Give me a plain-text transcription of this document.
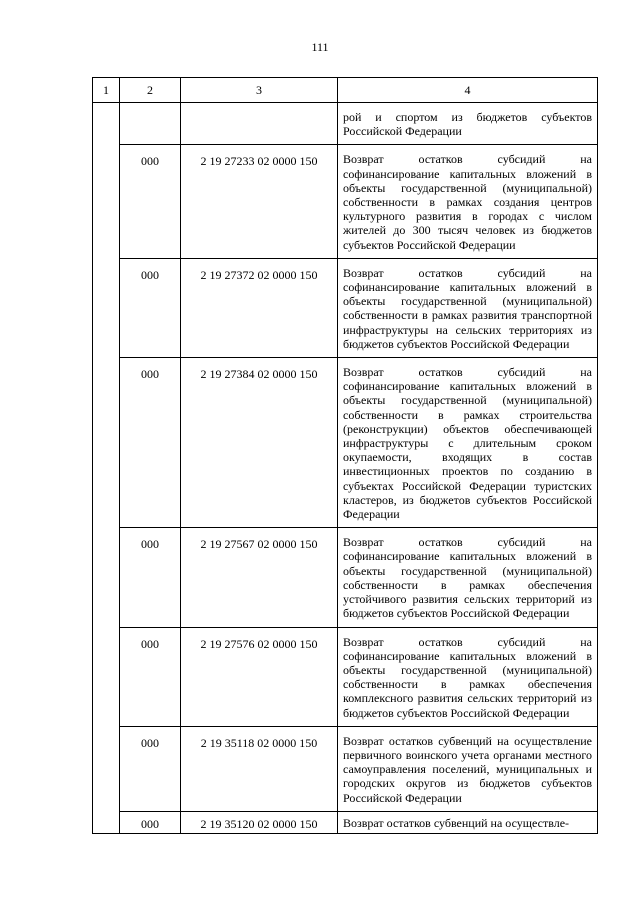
111
1	2	3	4
			рой и спортом из бюджетов субъектов Российской Федерации
	000	2 19 27233 02 0000 150	Возврат остатков субсидий на софинансирование капитальных вложений в объекты государственной (муниципальной) собственности в рамках создания центров культурного развития в городах с числом жителей до 300 тысяч человек из бюджетов субъектов Российской Федерации
	000	2 19 27372 02 0000 150	Возврат остатков субсидий на софинансирование капитальных вложений в объекты государственной (муниципальной) собственности в рамках развития транспортной инфраструктуры на сельских территориях из бюджетов субъектов Российской Федерации
	000	2 19 27384 02 0000 150	Возврат остатков субсидий на софинансирование капитальных вложений в объекты государственной (муниципальной) собственности в рамках строительства (реконструкции) объектов обеспечивающей инфраструктуры с длительным сроком окупаемости, входящих в состав инвестиционных проектов по созданию в субъектах Российской Федерации туристских кластеров, из бюджетов субъектов Российской Федерации
	000	2 19 27567 02 0000 150	Возврат остатков субсидий на софинансирование капитальных вложений в объекты государственной (муниципальной) собственности в рамках обеспечения устойчивого развития сельских территорий из бюджетов субъектов Российской Федерации
	000	2 19 27576 02 0000 150	Возврат остатков субсидий на софинансирование капитальных вложений в объекты государственной (муниципальной) собственности в рамках обеспечения комплексного развития сельских территорий из бюджетов субъектов Российской Федерации
	000	2 19 35118 02 0000 150	Возврат остатков субвенций на осуществление первичного воинского учета органами местного самоуправления поселений, муниципальных и городских округов из бюджетов субъектов Российской Федерации
	000	2 19 35120 02 0000 150	Возврат остатков субвенций на осуществле-
